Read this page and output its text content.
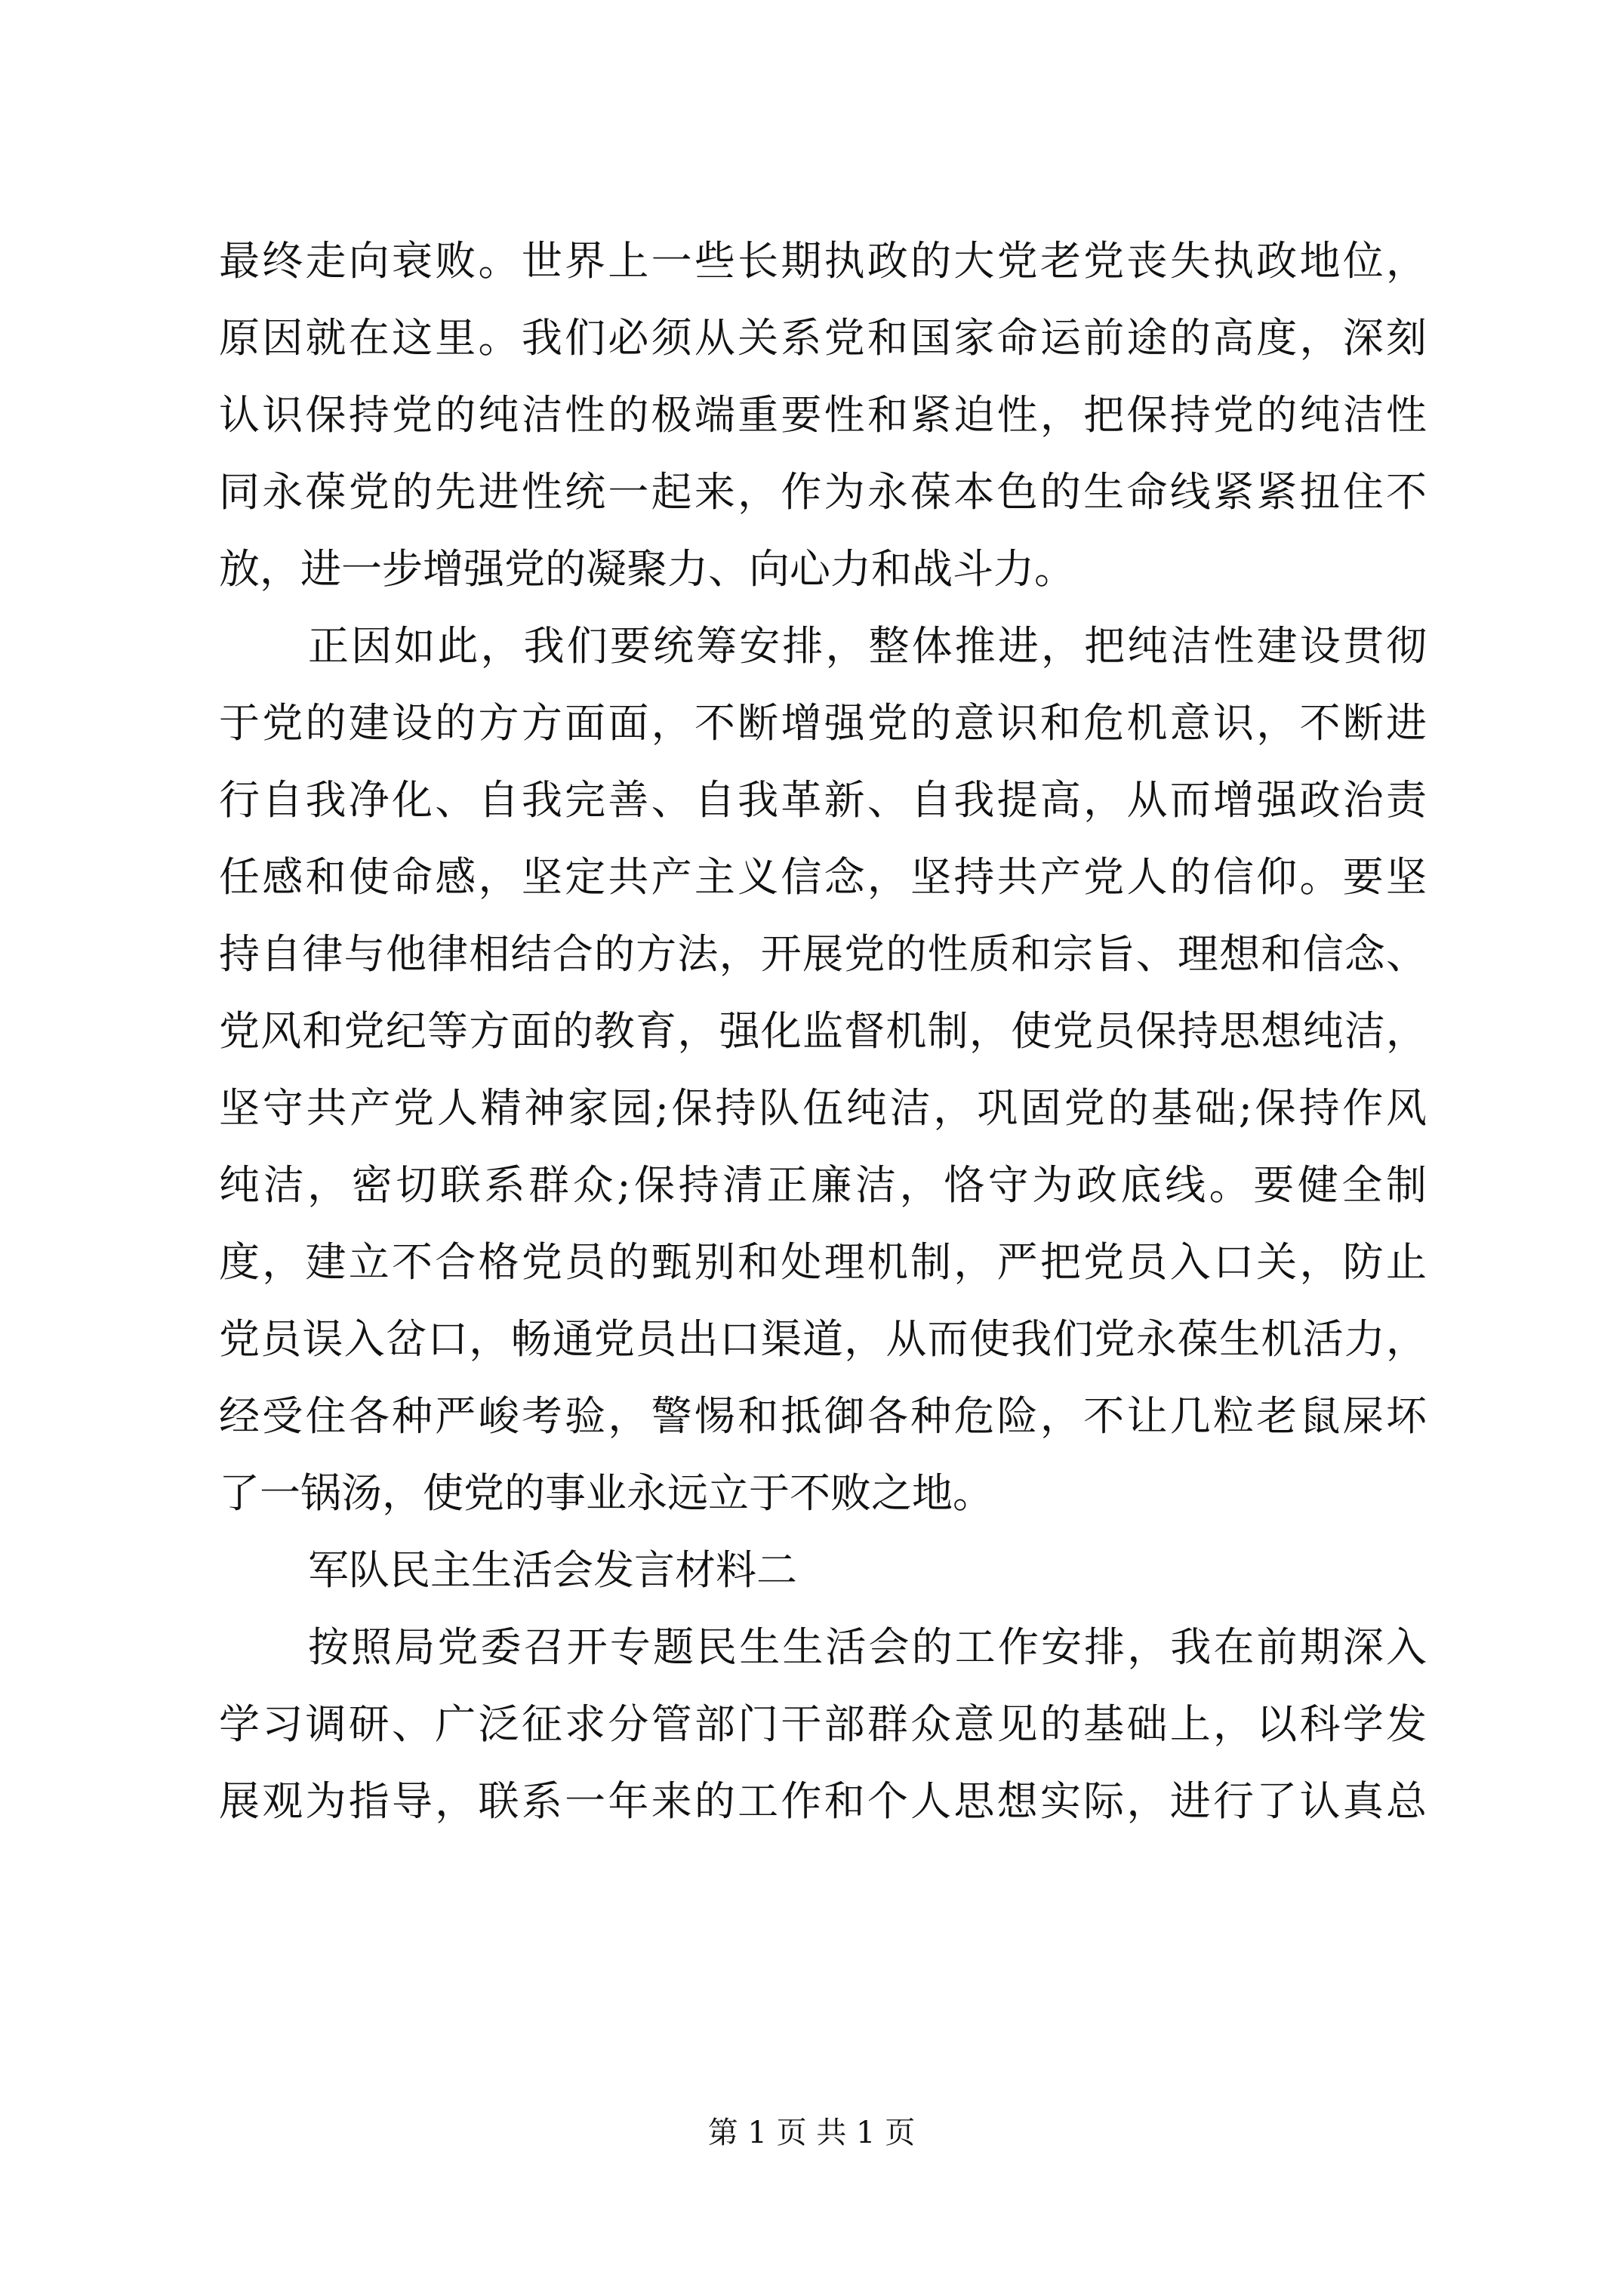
最终走向衰败。世界上一些长期执政的大党老党丧失执政地位，
原因就在这里。我们必须从关系党和国家命运前途的高度，深刻
认识保持党的纯洁性的极端重要性和紧迫性，把保持党的纯洁性
同永葆党的先进性统一起来，作为永葆本色的生命线紧紧扭住不
放，进一步增强党的凝聚力、向心力和战斗力。
正因如此，我们要统筹安排，整体推进，把纯洁性建设贯彻
于党的建设的方方面面，不断增强党的意识和危机意识，不断进
行自我净化、自我完善、自我革新、自我提高，从而增强政治责
任感和使命感，坚定共产主义信念，坚持共产党人的信仰。要坚
持自律与他律相结合的方法，开展党的性质和宗旨、理想和信念、
党风和党纪等方面的教育，强化监督机制，使党员保持思想纯洁，
坚守共产党人精神家园;保持队伍纯洁，巩固党的基础;保持作风
纯洁，密切联系群众;保持清正廉洁，恪守为政底线。要健全制
度，建立不合格党员的甄别和处理机制，严把党员入口关，防止
党员误入岔口，畅通党员出口渠道，从而使我们党永葆生机活力，
经受住各种严峻考验，警惕和抵御各种危险，不让几粒老鼠屎坏
了一锅汤，使党的事业永远立于不败之地。
军队民主生活会发言材料二
按照局党委召开专题民生生活会的工作安排，我在前期深入
学习调研、广泛征求分管部门干部群众意见的基础上，以科学发
展观为指导，联系一年来的工作和个人思想实际，进行了认真总
第 1 页 共 1 页
